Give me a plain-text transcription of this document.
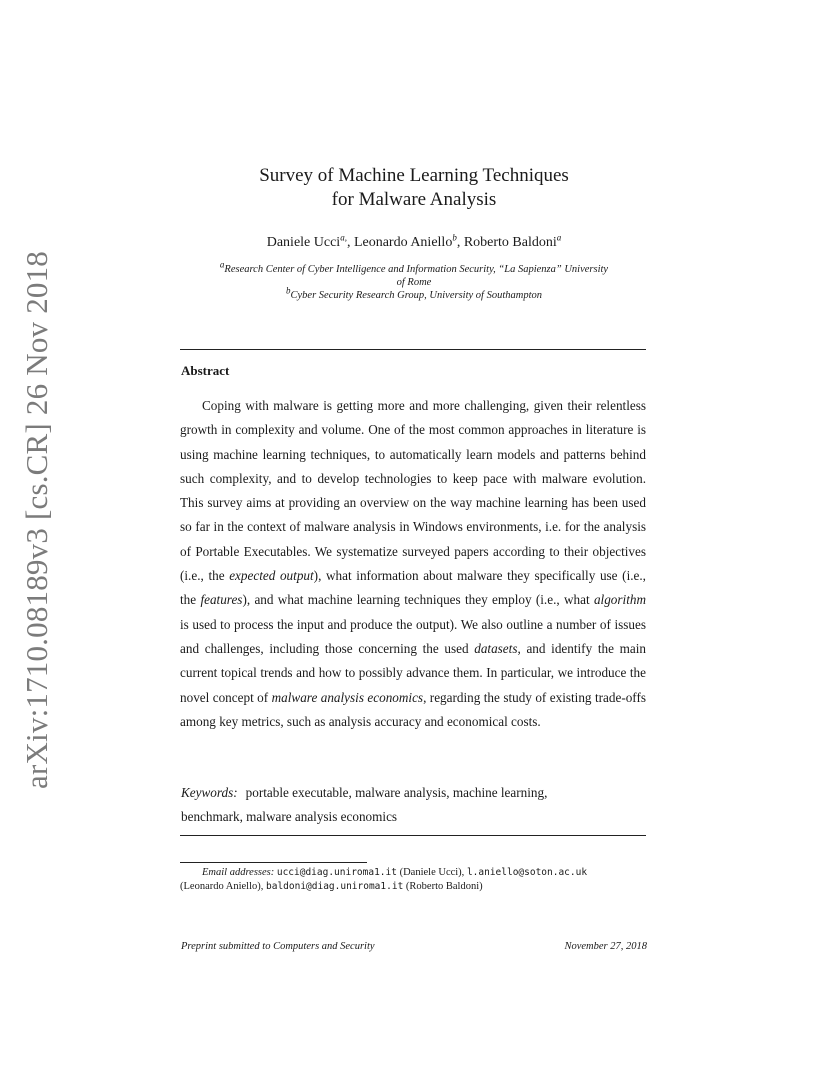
arXiv:1710.08189v3 [cs.CR] 26 Nov 2018
Survey of Machine Learning Techniques
for Malware Analysis
Daniele Ucci$^{a,}$, Leonardo Aniello$^b$, Roberto Baldoni$^a$
$^a$Research Center of Cyber Intelligence and Information Security, “La Sapienza” University
of Rome
$^b$Cyber Security Research Group, University of Southampton
Abstract

Coping with malware is getting more and more challenging, given their relentless growth in complexity and volume. One of the most common approaches in literature is using machine learning techniques, to automatically learn models and patterns behind such complexity, and to develop technologies to keep pace with malware evolution. This survey aims at providing an overview on the way machine learning has been used so far in the context of malware analysis in Windows environments, i.e. for the analysis of Portable Executables. We systematize surveyed papers according to their objectives (i.e., the expected output), what information about malware they specifically use (i.e., the features), and what machine learning techniques they employ (i.e., what algorithm is used to process the input and produce the output). We also outline a number of issues and challenges, including those concerning the used datasets, and identify the main current topical trends and how to possibly advance them. In particular, we introduce the novel concept of malware analysis economics, regarding the study of existing trade-offs among key metrics, such as analysis accuracy and economical costs.

Keywords: portable executable, malware analysis, machine learning,
benchmark, malware analysis economics
Email addresses: ucci@diag.uniroma1.it (Daniele Ucci), l.aniello@soton.ac.uk
(Leonardo Aniello), baldoni@diag.uniroma1.it (Roberto Baldoni)
Preprint submitted to Computers and Security	November 27, 2018
